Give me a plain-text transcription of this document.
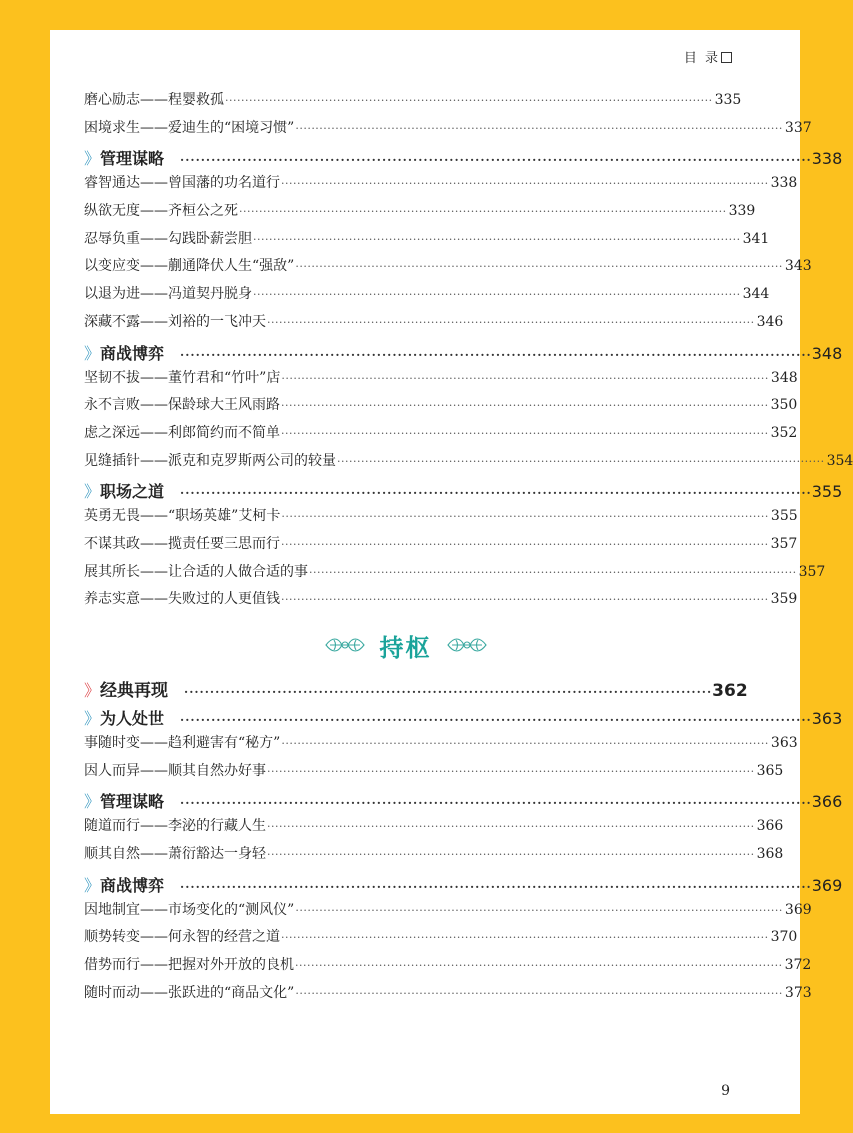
目 录
磨心励志——程婴救孤 ·························································································································· 335
困境求生——爱迪生的“困境习惯” ·························································································································· 337
》 管理谋略 ·························································································································· 338
睿智通达——曾国藩的功名道行 ·························································································································· 338
纵欲无度——齐桓公之死 ·························································································································· 339
忍辱负重——勾践卧薪尝胆 ·························································································································· 341
以变应变——蒯通降伏人生“强敌” ·························································································································· 343
以退为进——冯道契丹脱身 ·························································································································· 344
深藏不露——刘裕的一飞冲天 ·························································································································· 346
》 商战博弈 ·························································································································· 348
坚韧不拔——董竹君和“竹叶”店 ·························································································································· 348
永不言败——保龄球大王风雨路 ·························································································································· 350
虑之深远——利郎简约而不简单 ·························································································································· 352
见缝插针——派克和克罗斯两公司的较量 ·························································································································· 354
》 职场之道 ·························································································································· 355
英勇无畏——“职场英雄”艾柯卡 ·························································································································· 355
不谋其政——揽责任要三思而行 ·························································································································· 357
展其所长——让合适的人做合适的事 ·························································································································· 357
养志实意——失败过的人更值钱 ·························································································································· 359
持枢
》 经典再现 ······································································································ 362
》 为人处世 ·························································································································· 363
事随时变——趋利避害有“秘方” ·························································································································· 363
因人而异——顺其自然办好事 ·························································································································· 365
》 管理谋略 ·························································································································· 366
随道而行——李泌的行藏人生 ·························································································································· 366
顺其自然——萧衍豁达一身轻 ·························································································································· 368
》 商战博弈 ·························································································································· 369
因地制宜——市场变化的“测风仪” ·························································································································· 369
顺势转变——何永智的经营之道 ·························································································································· 370
借势而行——把握对外开放的良机 ·························································································································· 372
随时而动——张跃进的“商品文化” ·························································································································· 373
9
